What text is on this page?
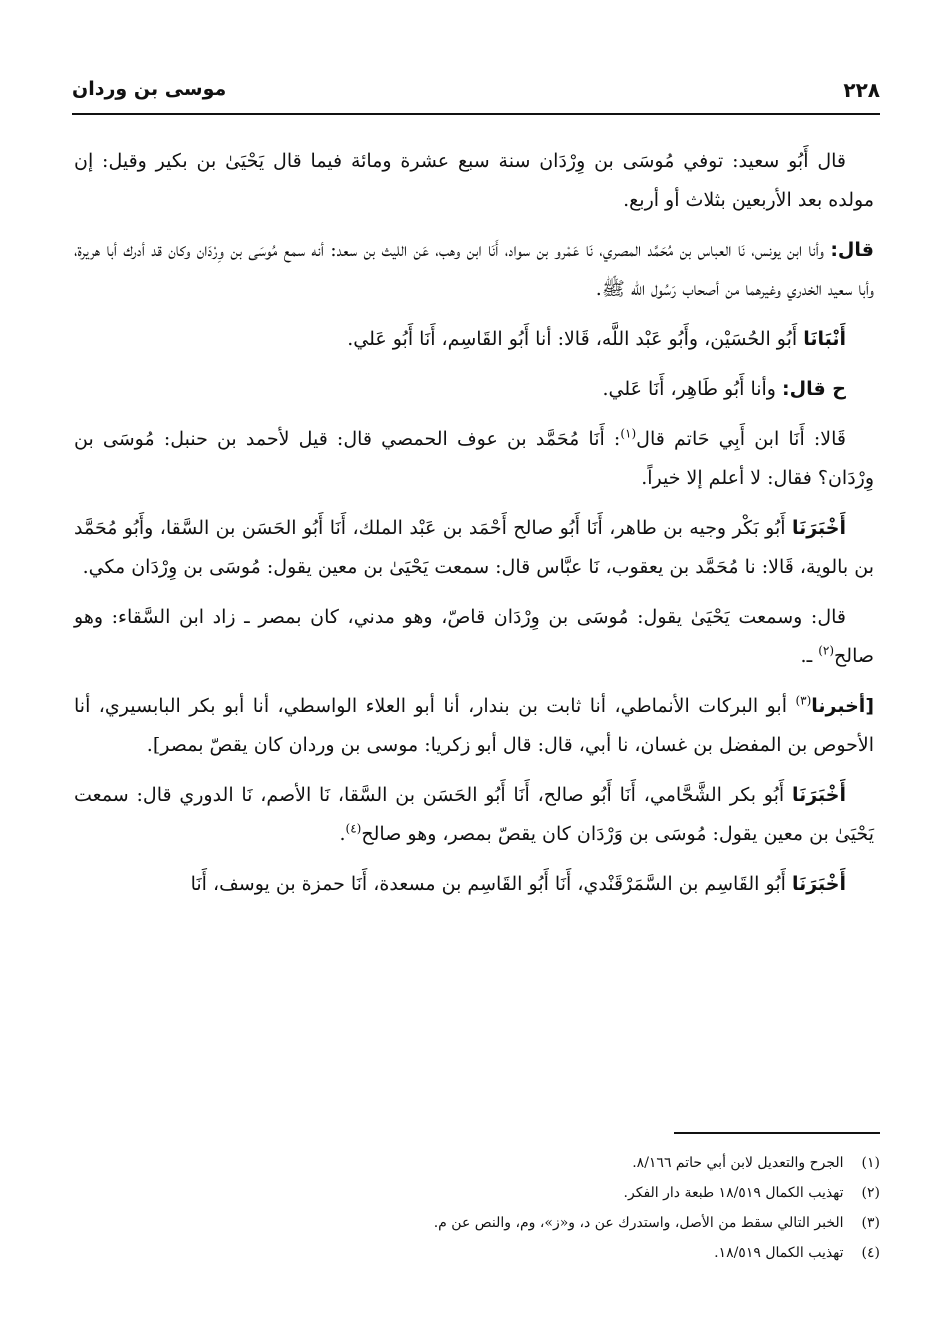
٢٢٨
موسى بن وردان

قال أَبُو سعيد: توفي مُوسَى بن وِرْدَان سنة سبع عشرة ومائة فيما قال يَحْيَىٰ بن بكير وقيل: إن مولده بعد الأربعين بثلاث أو أربع.

قال: وأنا ابن يونس، نَا العباس بن مُحَمَّد المصري، نَا عَمْرو بن سواد، أَنَا ابن وهب، عَن الليث بن سعد: أنه سمع مُوسَى بن وِرْدَان وكان قد أدرك أبا هريرة، وأبا سعيد الخدري وغيرهما من أصحاب رَسُول الله ﷺ.

أَنْبَانَا أَبُو الحُسَيْن، وأَبُو عَبْد اللَّه، قَالا: أنا أَبُو القَاسِم، أَنَا أَبُو عَلي.

ح قال: وأنا أَبُو طَاهِر، أَنَا عَلي.

قَالا: أَنَا ابن أَبِي حَاتم قال$^{(١)}$: أَنَا مُحَمَّد بن عوف الحمصي قال: قيل لأحمد بن حنبل: مُوسَى بن وِرْدَان؟ فقال: لا أعلم إلا خيراً.

أَخْبَرَنَا أَبُو بَكْر وجيه بن طاهر، أَنَا أَبُو صالح أَحْمَد بن عَبْد الملك، أَنَا أَبُو الحَسَن بن السَّقا، وأَبُو مُحَمَّد بن بالوية، قَالا: نا مُحَمَّد بن يعقوب، نَا عبَّاس قال: سمعت يَحْيَىٰ بن معين يقول: مُوسَى بن وِرْدَان مكي.

قال: وسمعت يَحْيَىٰ يقول: مُوسَى بن وِرْدَان قاصّ، وهو مدني، كان بمصر ـ زاد ابن السَّقاء: وهو صالح$^{(٢)}$ ـ.

[أخبرنا$^{(٣)}$ أبو البركات الأنماطي، أنا ثابت بن بندار، أنا أبو العلاء الواسطي، أنا أبو بكر البابسيري، أنا الأحوص بن المفضل بن غسان، نا أبي، قال: قال أبو زكريا: موسى بن وردان كان يقصّ بمصر].

أَخْبَرَنَا أَبُو بكر الشَّحَّامي، أَنَا أَبُو صالح، أَنَا أَبُو الحَسَن بن السَّقا، نَا الأصم، نَا الدوري قال: سمعت يَحْيَىٰ بن معين يقول: مُوسَى بن وَرْدَان كان يقصّ بمصر، وهو صالح$^{(٤)}$.

أَخْبَرَنَا أَبُو القَاسِم بن السَّمَرْقَنْدي، أَنَا أَبُو القَاسِم بن مسعدة، أَنَا حمزة بن يوسف، أَنَا

(١) الجرح والتعديل لابن أبي حاتم ٨/١٦٦.
(٢) تهذيب الكمال ١٨/٥١٩ طبعة دار الفكر.
(٣) الخبر التالي سقط من الأصل، واستدرك عن د، و«ز»، وم، والنص عن م.
(٤) تهذيب الكمال ١٨/٥١٩.
